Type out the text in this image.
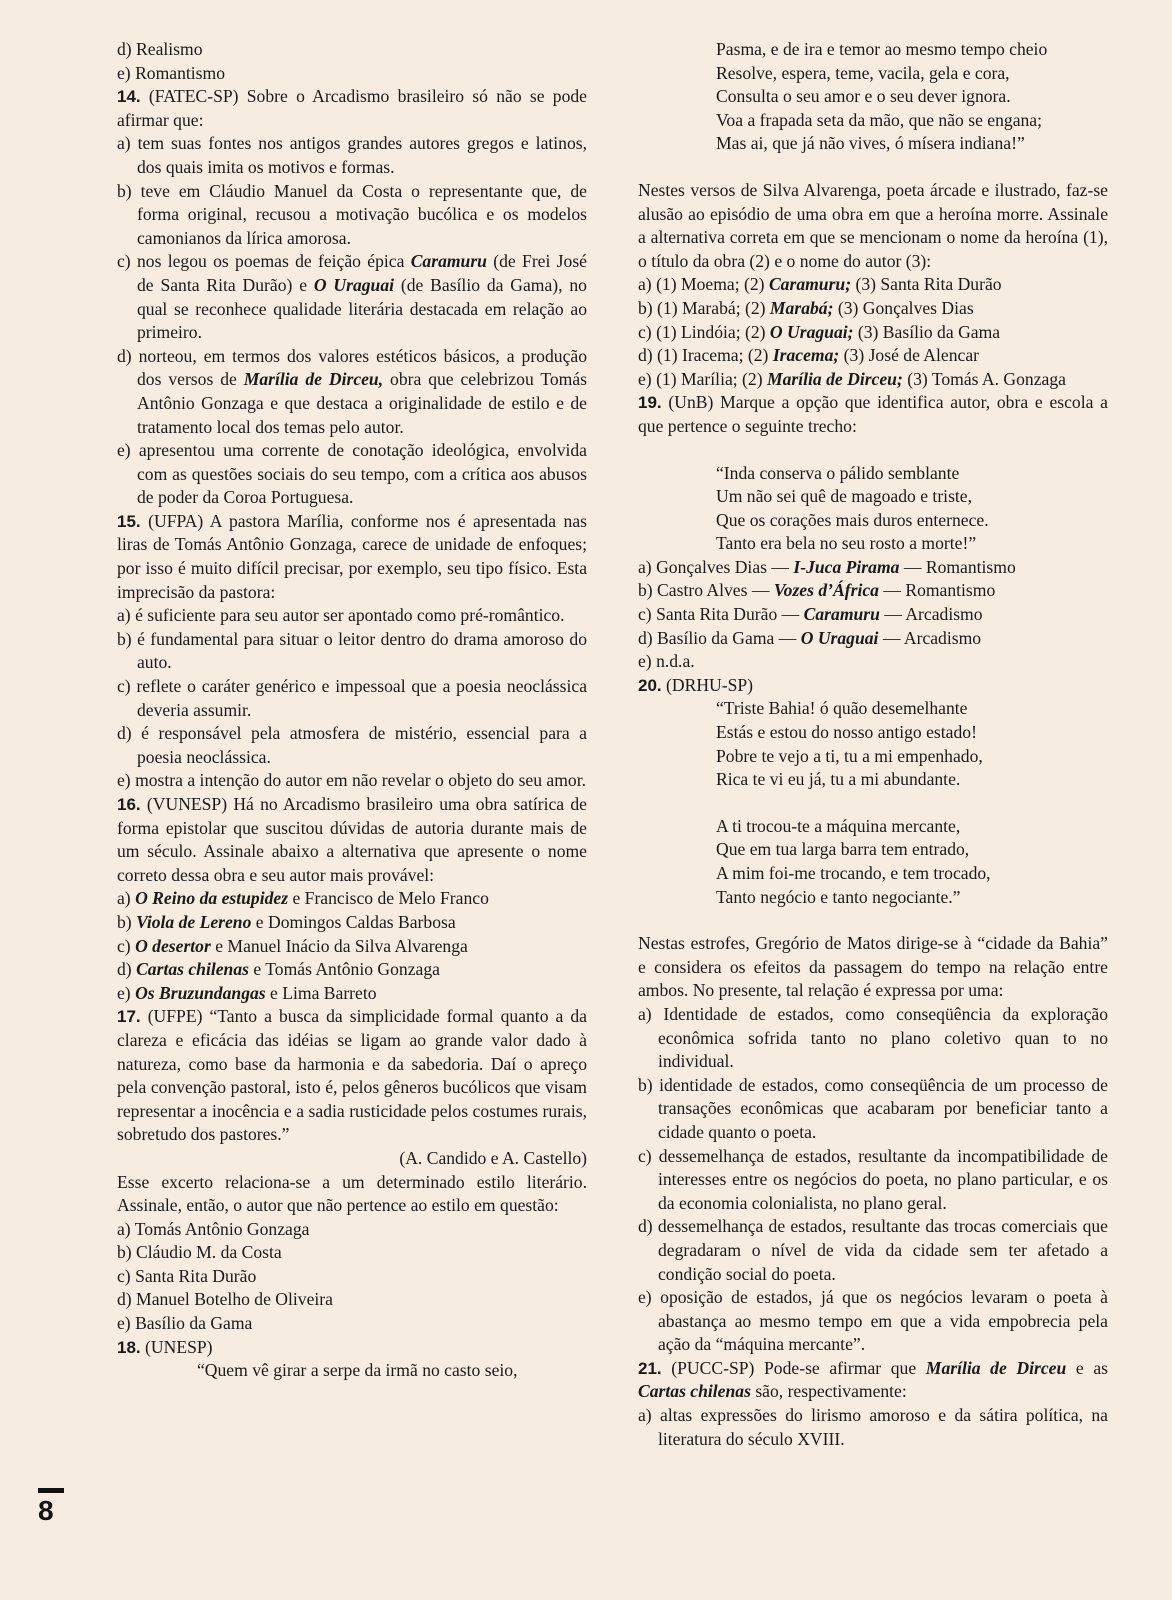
8

d) Realismo

e) Romantismo

14. (FATEC-SP) Sobre o Arcadismo brasileiro só não se pode afirmar que:

a) tem suas fontes nos antigos grandes autores gregos e latinos, dos quais imita os motivos e formas.

b) teve em Cláudio Manuel da Costa o representante que, de forma original, recusou a motivação bucólica e os modelos camonianos da lírica amorosa.

c) nos legou os poemas de feição épica Caramuru (de Frei José de Santa Rita Durão) e O Uraguai (de Basílio da Gama), no qual se reconhece qualidade literária destacada em relação ao primeiro.

d) norteou, em termos dos valores estéticos básicos, a produção dos versos de Marília de Dirceu, obra que celebrizou Tomás Antônio Gonzaga e que destaca a originalidade de estilo e de tratamento local dos temas pelo autor.

e) apresentou uma corrente de conotação ideológica, envolvida com as questões sociais do seu tempo, com a crítica aos abusos de poder da Coroa Portuguesa.

15. (UFPA) A pastora Marília, conforme nos é apresentada nas liras de Tomás Antônio Gonzaga, carece de unidade de enfoques; por isso é muito difícil precisar, por exemplo, seu tipo físico. Esta imprecisão da pastora:

a) é suficiente para seu autor ser apontado como pré-romântico.

b) é fundamental para situar o leitor dentro do drama amoroso do auto.

c) reflete o caráter genérico e impessoal que a poesia neoclássica deveria assumir.

d) é responsável pela atmosfera de mistério, essencial para a poesia neoclássica.

e) mostra a intenção do autor em não revelar o objeto do seu amor.

16. (VUNESP) Há no Arcadismo brasileiro uma obra satírica de forma epistolar que suscitou dúvidas de autoria durante mais de um século. Assinale abaixo a alternativa que apresente o nome correto dessa obra e seu autor mais provável:

a) O Reino da estupidez e Francisco de Melo Franco

b) Viola de Lereno e Domingos Caldas Barbosa

c) O desertor e Manuel Inácio da Silva Alvarenga

d) Cartas chilenas e Tomás Antônio Gonzaga

e) Os Bruzundangas e Lima Barreto

17. (UFPE) “Tanto a busca da simplicidade formal quanto a da clareza e eficácia das idéias se ligam ao grande valor dado à natureza, como base da harmonia e da sabedoria. Daí o apreço pela convenção pastoral, isto é, pelos gêneros bucólicos que visam representar a inocência e a sadia rusticidade pelos costumes rurais, sobretudo dos pastores.”

(A. Candido e A. Castello)

Esse excerto relaciona-se a um determinado estilo literário. Assinale, então, o autor que não pertence ao estilo em questão:

a) Tomás Antônio Gonzaga

b) Cláudio M. da Costa

c) Santa Rita Durão

d) Manuel Botelho de Oliveira

e) Basílio da Gama

18. (UNESP)

“Quem vê girar a serpe da irmã no casto seio,

Pasma, e de ira e temor ao mesmo tempo cheio

Resolve, espera, teme, vacila, gela e cora,

Consulta o seu amor e o seu dever ignora.

Voa a frapada seta da mão, que não se engana;

Mas ai, que já não vives, ó mísera indiana!”

Nestes versos de Silva Alvarenga, poeta árcade e ilustrado, faz-se alusão ao episódio de uma obra em que a heroína morre. Assinale a alternativa correta em que se mencionam o nome da heroína (1), o título da obra (2) e o nome do autor (3):

a) (1) Moema; (2) Caramuru; (3) Santa Rita Durão

b) (1) Marabá; (2) Marabá; (3) Gonçalves Dias

c) (1) Lindóia; (2) O Uraguai; (3) Basílio da Gama

d) (1) Iracema; (2) Iracema; (3) José de Alencar

e) (1) Marília; (2) Marília de Dirceu; (3) Tomás A. Gonzaga

19. (UnB) Marque a opção que identifica autor, obra e escola a que pertence o seguinte trecho:

“Inda conserva o pálido semblante

Um não sei quê de magoado e triste,

Que os corações mais duros enternece.

Tanto era bela no seu rosto a morte!”

a) Gonçalves Dias — I-Juca Pirama — Romantismo

b) Castro Alves — Vozes d’África — Romantismo

c) Santa Rita Durão — Caramuru — Arcadismo

d) Basílio da Gama — O Uraguai — Arcadismo

e) n.d.a.

20. (DRHU-SP)

“Triste Bahia! ó quão desemelhante

Estás e estou do nosso antigo estado!

Pobre te vejo a ti, tu a mi empenhado,

Rica te vi eu já, tu a mi abundante.

A ti trocou-te a máquina mercante,

Que em tua larga barra tem entrado,

A mim foi-me trocando, e tem trocado,

Tanto negócio e tanto negociante.”

Nestas estrofes, Gregório de Matos dirige-se à “cidade da Bahia” e considera os efeitos da passagem do tempo na relação entre ambos. No presente, tal relação é expressa por uma:

a) Identidade de estados, como conseqüência da exploração econômica sofrida tanto no plano coletivo quan to no individual.

b) identidade de estados, como conseqüência de um processo de transações econômicas que acabaram por beneficiar tanto a cidade quanto o poeta.

c) dessemelhança de estados, resultante da incompatibilidade de interesses entre os negócios do poeta, no plano particular, e os da economia colonialista, no plano geral.

d) dessemelhança de estados, resultante das trocas comerciais que degradaram o nível de vida da cidade sem ter afetado a condição social do poeta.

e) oposição de estados, já que os negócios levaram o poeta à abastança ao mesmo tempo em que a vida empobrecia pela ação da “máquina mercante”.

21. (PUCC-SP) Pode-se afirmar que Marília de Dirceu e as Cartas chilenas são, respectivamente:

a) altas expressões do lirismo amoroso e da sátira política, na literatura do século XVIII.
